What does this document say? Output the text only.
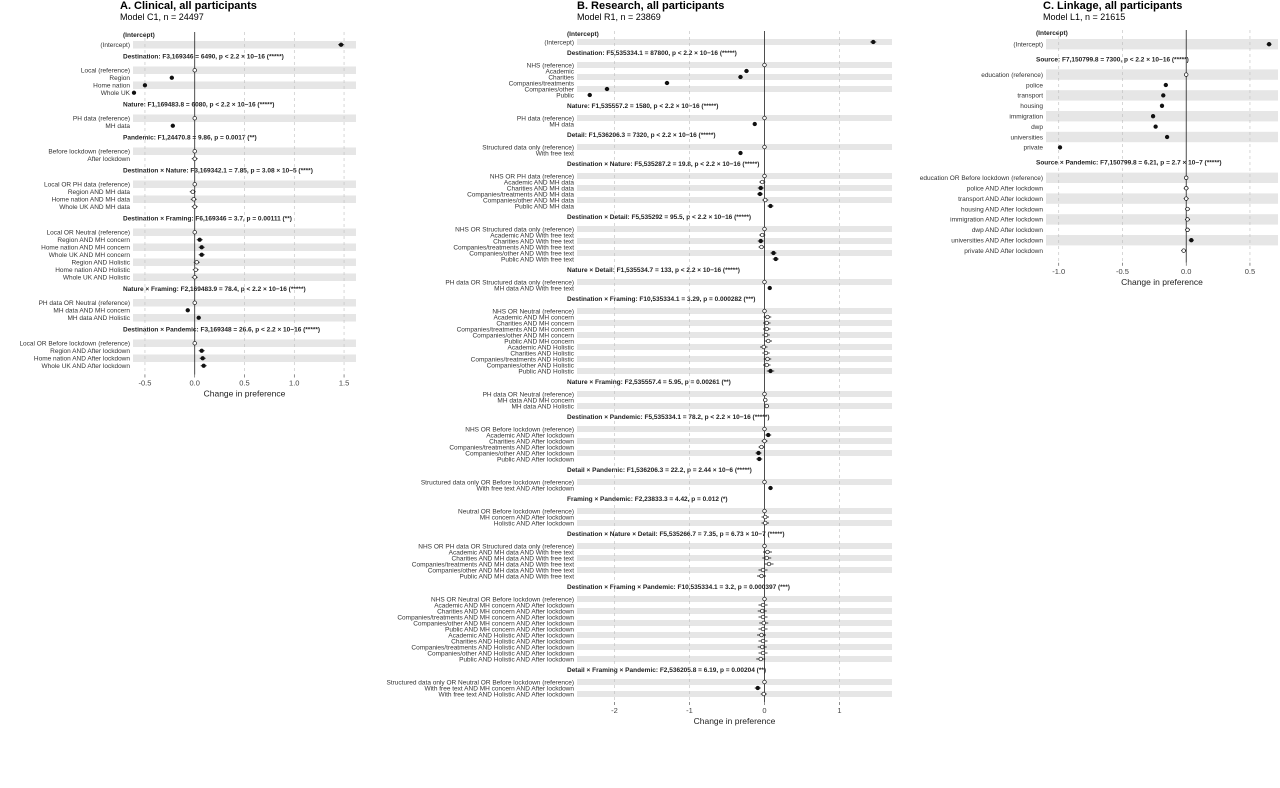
A. Clinical, all participants
Model C1, n = 24497
(Intercept)
Destination: F3,169346 = 6490, p < 2.2 × 10−16 (*****)
Nature: F1,169483.8 = 6080, p < 2.2 × 10−16 (*****)
Pandemic: F1,24470.8 = 9.86, p = 0.0017 (**)
Destination × Nature: F3,169342.1 = 7.85, p = 3.08 × 10−5 (****)
Destination × Framing: F6,169346 = 3.7, p = 0.00111 (**)
Nature × Framing: F2,169483.9 = 78.4, p < 2.2 × 10−16 (*****)
Destination × Pandemic: F3,169348 = 26.6, p < 2.2 × 10−16 (*****)
(Intercept)
Local (reference)
Region
Home nation
Whole UK
PH data (reference)
MH data
Before lockdown (reference)
After lockdown
Local OR PH data (reference)
Region AND MH data
Home nation AND MH data
Whole UK AND MH data
Local OR Neutral (reference)
Region AND MH concern
Home nation AND MH concern
Whole UK AND MH concern
Region AND Holistic
Home nation AND Holistic
Whole UK AND Holistic
PH data OR Neutral (reference)
MH data AND MH concern
MH data AND Holistic
Local OR Before lockdown (reference)
Region AND After lockdown
Home nation AND After lockdown
Whole UK AND After lockdown
-0.5	0.0	0.5	1.0	1.5
Change in preference
B. Research, all participants
Model R1, n = 23869
(Intercept)
Destination: F5,535334.1 = 87800, p < 2.2 × 10−16 (*****)
Nature: F1,535557.2 = 1580, p < 2.2 × 10−16 (*****)
Detail: F1,536206.3 = 7320, p < 2.2 × 10−16 (*****)
Destination × Nature: F5,535287.2 = 19.8, p < 2.2 × 10−16 (*****)
Destination × Detail: F5,535292 = 95.5, p < 2.2 × 10−16 (*****)
Nature × Detail: F1,535534.7 = 133, p < 2.2 × 10−16 (*****)
Destination × Framing: F10,535334.1 = 3.29, p = 0.000282 (***)
Nature × Framing: F2,535557.4 = 5.95, p = 0.00261 (**)
Destination × Pandemic: F5,535334.1 = 78.2, p < 2.2 × 10−16 (*****)
Detail × Pandemic: F1,536206.3 = 22.2, p = 2.44 × 10−6 (*****)
Framing × Pandemic: F2,23833.3 = 4.42, p = 0.012 (*)
Destination × Nature × Detail: F5,535266.7 = 7.35, p = 6.73 × 10−7 (*****)
Destination × Framing × Pandemic: F10,535334.1 = 3.2, p = 0.000397 (***)
Detail × Framing × Pandemic: F2,536205.8 = 6.19, p = 0.00204 (**)
(Intercept)
NHS (reference)
Academic
Charities
Companies/treatments
Companies/other
Public
PH data (reference)
MH data
Structured data only (reference)
With free text
NHS OR PH data (reference)
Academic AND MH data
Charities AND MH data
Companies/treatments AND MH data
Companies/other AND MH data
Public AND MH data
NHS OR Structured data only (reference)
Academic AND With free text
Charities AND With free text
Companies/treatments AND With free text
Companies/other AND With free text
Public AND With free text
PH data OR Structured data only (reference)
MH data AND With free text
NHS OR Neutral (reference)
Academic AND MH concern
Charities AND MH concern
Companies/treatments AND MH concern
Companies/other AND MH concern
Public AND MH concern
Academic AND Holistic
Charities AND Holistic
Companies/treatments AND Holistic
Companies/other AND Holistic
Public AND Holistic
PH data OR Neutral (reference)
MH data AND MH concern
MH data AND Holistic
NHS OR Before lockdown (reference)
Academic AND After lockdown
Charities AND After lockdown
Companies/treatments AND After lockdown
Companies/other AND After lockdown
Public AND After lockdown
Structured data only OR Before lockdown (reference)
With free text AND After lockdown
Neutral OR Before lockdown (reference)
MH concern AND After lockdown
Holistic AND After lockdown
NHS OR PH data OR Structured data only (reference)
Academic AND MH data AND With free text
Charities AND MH data AND With free text
Companies/treatments AND MH data AND With free text
Companies/other AND MH data AND With free text
Public AND MH data AND With free text
NHS OR Neutral OR Before lockdown (reference)
Academic AND MH concern AND After lockdown
Charities AND MH concern AND After lockdown
Companies/treatments AND MH concern AND After lockdown
Companies/other AND MH concern AND After lockdown
Public AND MH concern AND After lockdown
Academic AND Holistic AND After lockdown
Charities AND Holistic AND After lockdown
Companies/treatments AND Holistic AND After lockdown
Companies/other AND Holistic AND After lockdown
Public AND Holistic AND After lockdown
Structured data only OR Neutral OR Before lockdown (reference)
With free text AND MH concern AND After lockdown
With free text AND Holistic AND After lockdown
-2	-1	0	1
Change in preference
C. Linkage, all participants
Model L1, n = 21615
(Intercept)
Source: F7,150799.8 = 7300, p < 2.2 × 10−16 (*****)
Source × Pandemic: F7,150799.8 = 6.21, p = 2.7 × 10−7 (*****)
(Intercept)
education (reference)
police
transport
housing
immigration
dwp
universities
private
education OR Before lockdown (reference)
police AND After lockdown
transport AND After lockdown
housing AND After lockdown
immigration AND After lockdown
dwp AND After lockdown
universities AND After lockdown
private AND After lockdown
-1.0	-0.5	0.0	0.5
Change in preference
